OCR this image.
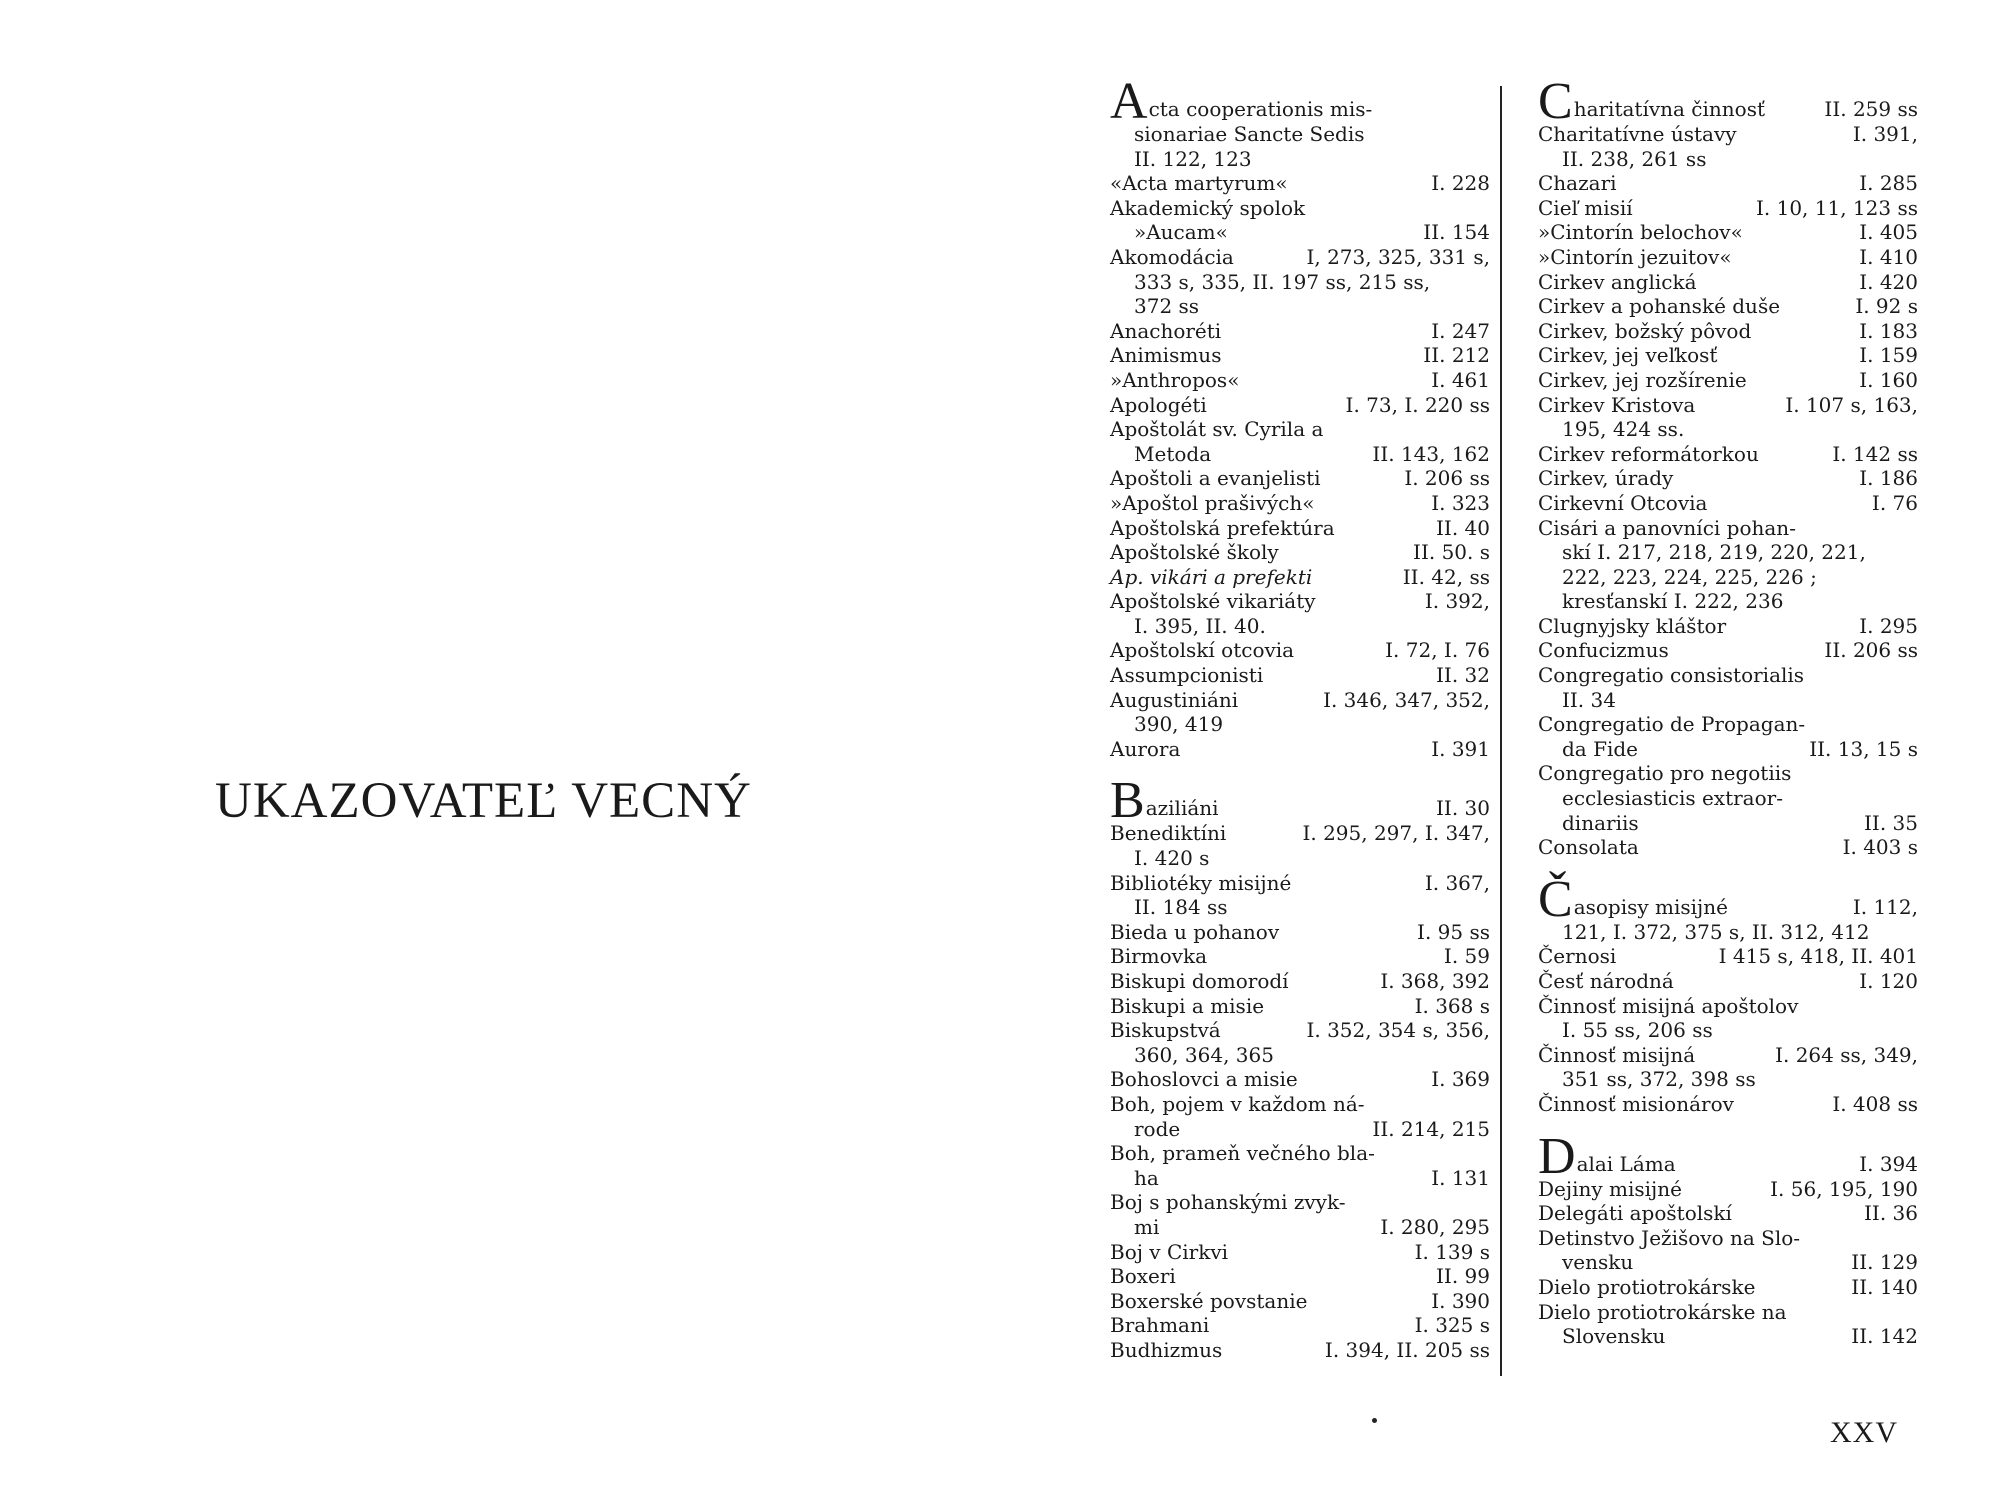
UKAZOVATEĽ VECNÝ
Acta cooperationis mis-
sionariae Sancte Sedis
II. 122, 123
«Acta martyrum«	I. 228
Akademický spolok
»Aucam«	II. 154
Akomodácia	I, 273, 325, 331 s,
333 s, 335, II. 197 ss, 215 ss,
372 ss
Anachoréti	I. 247
Animismus	II. 212
»Anthropos«	I. 461
Apologéti	I. 73, I. 220 ss
Apoštolát sv. Cyrila a
Metoda	II. 143, 162
Apoštoli a evanjelisti	I. 206 ss
»Apoštol prašivých«	I. 323
Apoštolská prefektúra	II. 40
Apoštolské školy	II. 50. s
Ap. vikári a prefekti	II. 42, ss
Apoštolské vikariáty	I. 392,
I. 395, II. 40.
Apoštolskí otcovia	I. 72, I. 76
Assumpcionisti	II. 32
Augustiniáni	I. 346, 347, 352,
390, 419
Aurora	I. 391
Baziliáni	II. 30
Benediktíni	I. 295, 297, I. 347,
I. 420 s
Bibliotéky misijné	I. 367,
II. 184 ss
Bieda u pohanov	I. 95 ss
Birmovka	I. 59
Biskupi domorodí	I. 368, 392
Biskupi a misie	I. 368 s
Biskupstvá	I. 352, 354 s, 356,
360, 364, 365
Bohoslovci a misie	I. 369
Boh, pojem v každom ná-
rode	II. 214, 215
Boh, prameň večného bla-
ha	I. 131
Boj s pohanskými zvyk-
mi	I. 280, 295
Boj v Cirkvi	I. 139 s
Boxeri	II. 99
Boxerské povstanie	I. 390
Brahmani	I. 325 s
Budhizmus	I. 394, II. 205 ss
Charitatívna činnosť	II. 259 ss
Charitatívne ústavy	I. 391,
II. 238, 261 ss
Chazari	I. 285
Cieľ misií	I. 10, 11, 123 ss
»Cintorín belochov«	I. 405
»Cintorín jezuitov«	I. 410
Cirkev anglická	I. 420
Cirkev a pohanské duše	I. 92 s
Cirkev, božský pôvod	I. 183
Cirkev, jej veľkosť	I. 159
Cirkev, jej rozšírenie	I. 160
Cirkev Kristova	I. 107 s, 163,
195, 424 ss.
Cirkev reformátorkou	I. 142 ss
Cirkev, úrady	I. 186
Cirkevní Otcovia	I. 76
Cisári a panovníci pohan-
skí I. 217, 218, 219, 220, 221,
222, 223, 224, 225, 226 ;
kresťanskí I. 222, 236
Clugnyjsky kláštor	I. 295
Confucizmus	II. 206 ss
Congregatio consistorialis
II. 34
Congregatio de Propagan-
da Fide	II. 13, 15 s
Congregatio pro negotiis
ecclesiasticis extraor-
dinariis	II. 35
Consolata	I. 403 s
Časopisy misijné	I. 112,
121, I. 372, 375 s, II. 312, 412
Černosi	I 415 s, 418, II. 401
Česť národná	I. 120
Činnosť misijná apoštolov
I. 55 ss, 206 ss
Činnosť misijná	I. 264 ss, 349,
351 ss, 372, 398 ss
Činnosť misionárov	I. 408 ss
Dalai Láma	I. 394
Dejiny misijné	I. 56, 195, 190
Delegáti apoštolskí	II. 36
Detinstvo Ježišovo na Slo-
vensku	II. 129
Dielo protiotrokárske	II. 140
Dielo protiotrokárske na
Slovensku	II. 142
XXV
